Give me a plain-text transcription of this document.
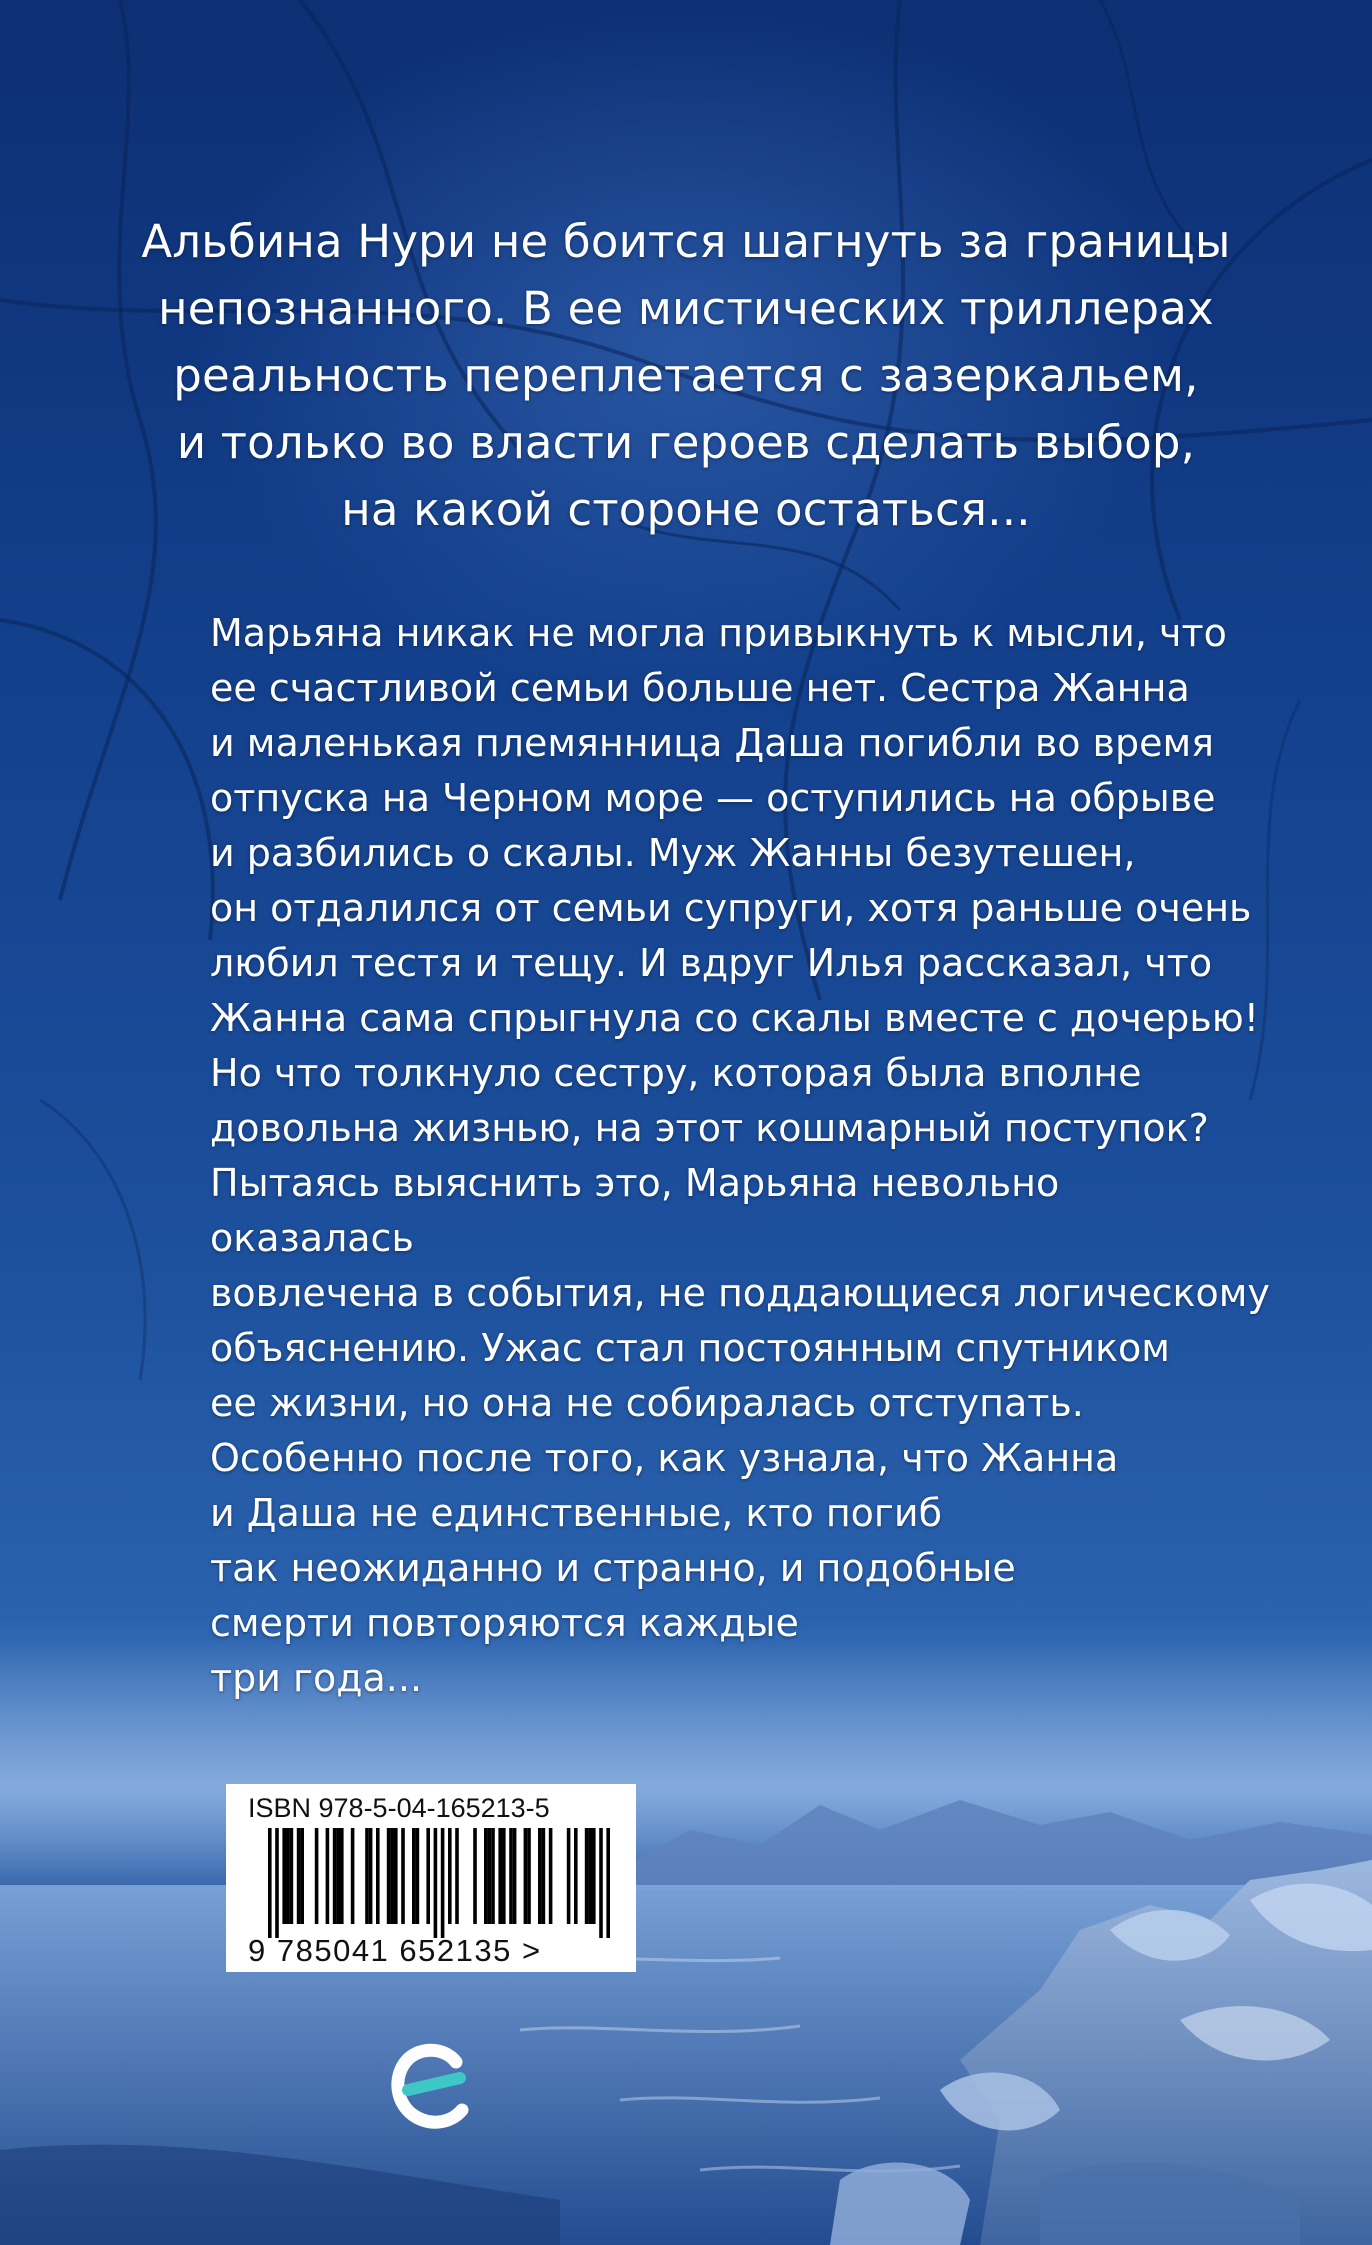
Альбина Нури не боится шагнуть за границы
непознанного. В ее мистических триллерах
реальность переплетается с зазеркальем,
и только во власти героев сделать выбор,
на какой стороне остаться...

Марьяна никак не могла привыкнуть к мысли, что
ее счастливой семьи больше нет. Сестра Жанна
и маленькая племянница Даша погибли во время
отпуска на Черном море — оступились на обрыве
и разбились о скалы. Муж Жанны безутешен,
он отдалился от семьи супруги, хотя раньше очень
любил тестя и тещу. И вдруг Илья рассказал, что
Жанна сама спрыгнула со скалы вместе с дочерью!
Но что толкнуло сестру, которая была вполне
довольна жизнью, на этот кошмарный поступок?
Пытаясь выяснить это, Марьяна невольно оказалась
вовлечена в события, не поддающиеся логическому
объяснению. Ужас стал постоянным спутником
ее жизни, но она не собиралась отступать.
Особенно после того, как узнала, что Жанна
и Даша не единственные, кто погиб
так неожиданно и странно, и подобные
смерти повторяются каждые
три года...

ISBN 978-5-04-165213-5
9 785041 652135 >
